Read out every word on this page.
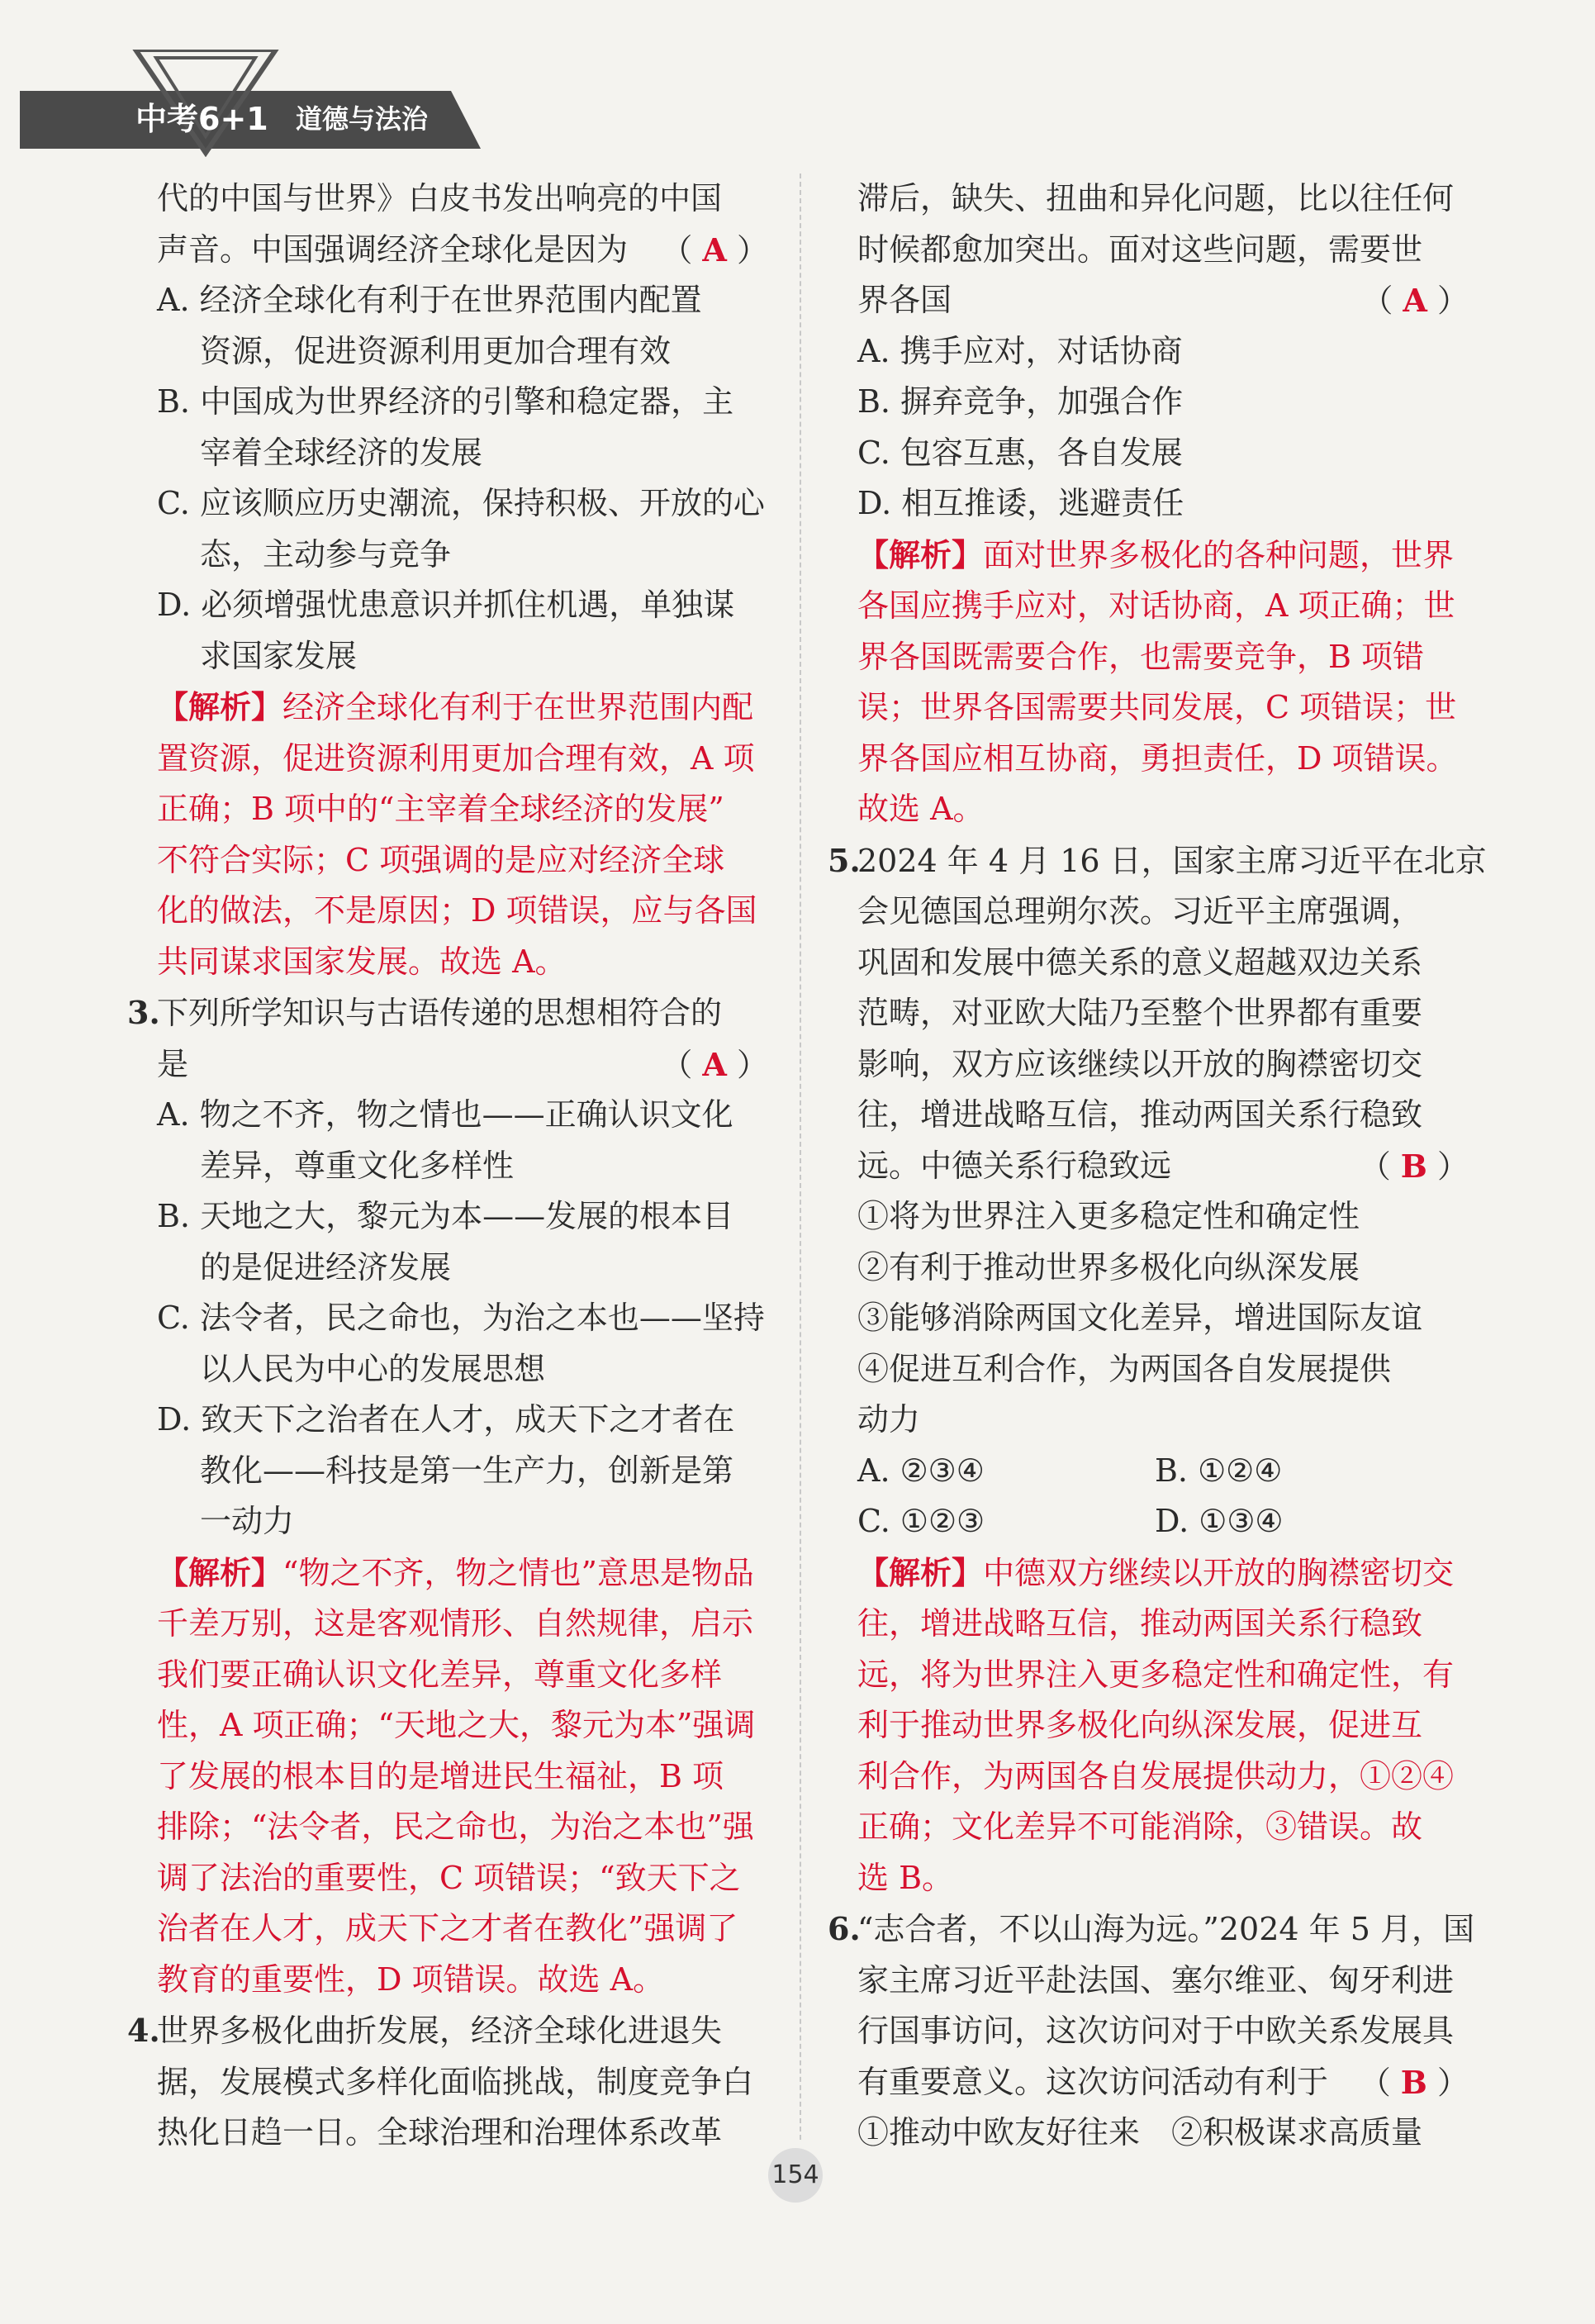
中考6+1 道德与法治
代的中国与世界》白皮书发出响亮的中国
声音。中国强调经济全球化是因为 （ A ）
A. 经济全球化有利于在世界范围内配置
资源，促进资源利用更加合理有效
B. 中国成为世界经济的引擎和稳定器，主
宰着全球经济的发展
C. 应该顺应历史潮流，保持积极、开放的心
态，主动参与竞争
D. 必须增强忧患意识并抓住机遇，单独谋
求国家发展
【解析】经济全球化有利于在世界范围内配
置资源，促进资源利用更加合理有效，A 项
正确；B 项中的“主宰着全球经济的发展”
不符合实际；C 项强调的是应对经济全球
化的做法，不是原因；D 项错误，应与各国
共同谋求国家发展。故选 A。
3.下列所学知识与古语传递的思想相符合的
是	（ A ）
A. 物之不齐，物之情也——正确认识文化
差异，尊重文化多样性
B. 天地之大，黎元为本——发展的根本目
的是促进经济发展
C. 法令者，民之命也，为治之本也——坚持
以人民为中心的发展思想
D. 致天下之治者在人才，成天下之才者在
教化——科技是第一生产力，创新是第
一动力
【解析】“物之不齐，物之情也”意思是物品
千差万别，这是客观情形、自然规律，启示
我们要正确认识文化差异，尊重文化多样
性，A 项正确；“天地之大，黎元为本”强调
了发展的根本目的是增进民生福祉，B 项
排除；“法令者，民之命也，为治之本也”强
调了法治的重要性，C 项错误；“致天下之
治者在人才，成天下之才者在教化”强调了
教育的重要性，D 项错误。故选 A。
4.世界多极化曲折发展，经济全球化进退失
据，发展模式多样化面临挑战，制度竞争白
热化日趋一日。全球治理和治理体系改革
滞后，缺失、扭曲和异化问题，比以往任何
时候都愈加突出。面对这些问题，需要世
界各国	（ A ）
A. 携手应对，对话协商
B. 摒弃竞争，加强合作
C. 包容互惠，各自发展
D. 相互推诿，逃避责任
【解析】面对世界多极化的各种问题，世界
各国应携手应对，对话协商，A 项正确；世
界各国既需要合作，也需要竞争，B 项错
误；世界各国需要共同发展，C 项错误；世
界各国应相互协商，勇担责任，D 项错误。
故选 A。
5.2024 年 4 月 16 日，国家主席习近平在北京
会见德国总理朔尔茨。习近平主席强调，
巩固和发展中德关系的意义超越双边关系
范畴，对亚欧大陆乃至整个世界都有重要
影响，双方应该继续以开放的胸襟密切交
往，增进战略互信，推动两国关系行稳致
远。中德关系行稳致远	（ B ）
①将为世界注入更多稳定性和确定性
②有利于推动世界多极化向纵深发展
③能够消除两国文化差异，增进国际友谊
④促进互利合作，为两国各自发展提供
动力
A. ②③④	B. ①②④
C. ①②③	D. ①③④
【解析】中德双方继续以开放的胸襟密切交
往，增进战略互信，推动两国关系行稳致
远，将为世界注入更多稳定性和确定性，有
利于推动世界多极化向纵深发展，促进互
利合作，为两国各自发展提供动力，①②④
正确；文化差异不可能消除，③错误。故
选 B。
6.“志合者，不以山海为远。”2024 年 5 月，国
家主席习近平赴法国、塞尔维亚、匈牙利进
行国事访问，这次访问对于中欧关系发展具
有重要意义。这次访问活动有利于 （ B ）
①推动中欧友好往来　②积极谋求高质量
154
